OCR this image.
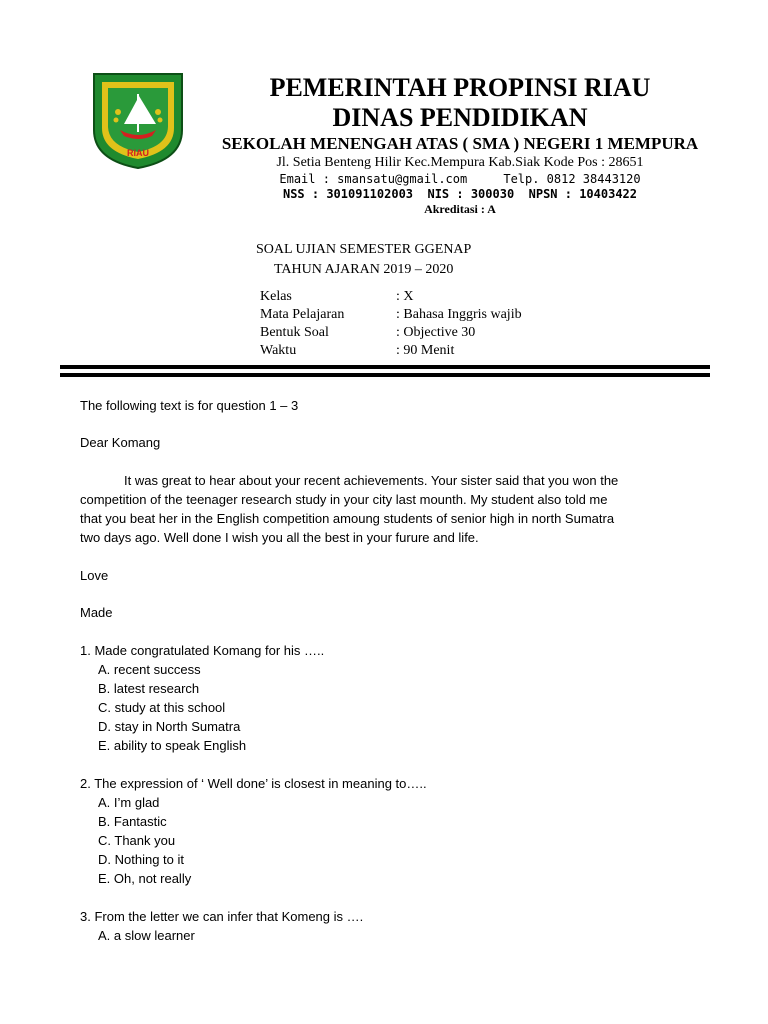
RIAU
PEMERINTAH PROPINSI RIAU
DINAS PENDIDIKAN
SEKOLAH MENENGAH ATAS ( SMA ) NEGERI 1 MEMPURA
Jl. Setia Benteng Hilir Kec.Mempura Kab.Siak Kode Pos : 28651
Email : smansatu@gmail.com     Telp. 0812 38443120
NSS : 301091102003  NIS : 300030  NPSN : 10403422
Akreditasi : A
SOAL UJIAN SEMESTER GGENAP
TAHUN AJARAN 2019 – 2020
Kelas	: X
Mata Pelajaran	: Bahasa Inggris wajib
Bentuk Soal	: Objective 30
Waktu	: 90 Menit
The following text is for question 1 – 3
Dear Komang
It was great to hear about your recent achievements. Your sister said that you won the
competition of the teenager research study in your city last mounth. My student also told me
that you beat her in the English competition amoung students of senior high in north Sumatra
two days ago. Well done I wish you all the best in your furure and life.
Love
Made
1. Made congratulated Komang for his …..
A. recent success
B. latest research
C. study at this school
D. stay in North Sumatra
E. ability to speak English
2. The expression of ‘ Well done’ is closest in meaning to…..
A. I’m glad
B. Fantastic
C. Thank you
D. Nothing to it
E. Oh, not really
3. From the letter we can infer that Komeng is ….
A. a slow learner
